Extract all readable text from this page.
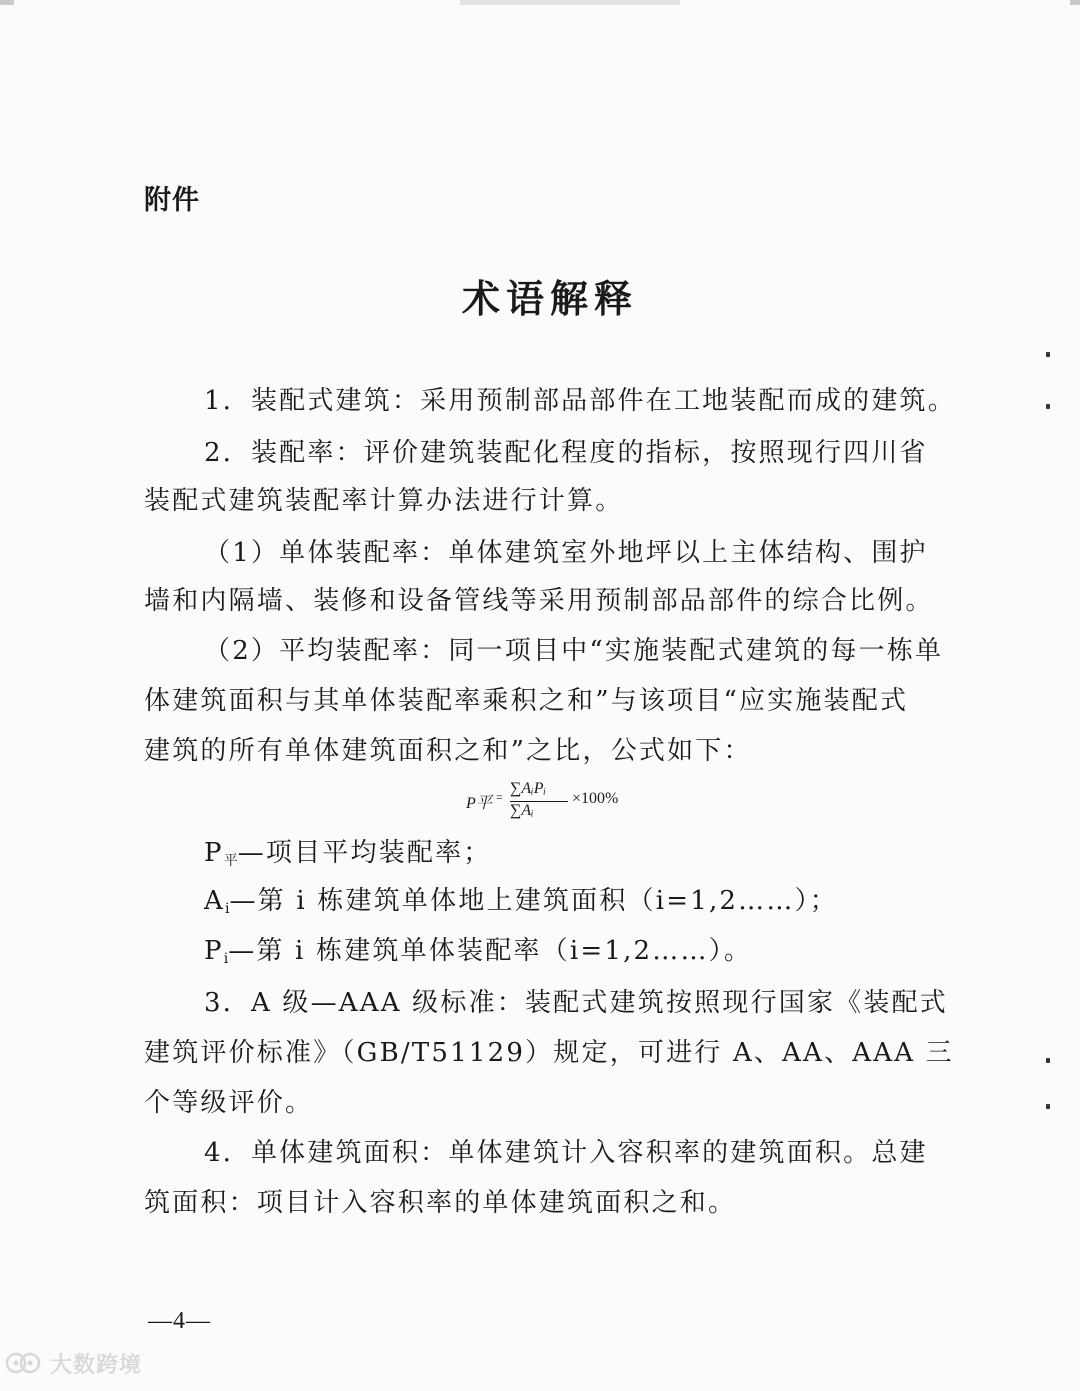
附件
术语解释
1．装配式建筑：采用预制部品部件在工地装配而成的建筑。
2．装配率：评价建筑装配化程度的指标，按照现行四川省
装配式建筑装配率计算办法进行计算。
（1）单体装配率：单体建筑室外地坪以上主体结构、围护
墙和内隔墙、装修和设备管线等采用预制部品部件的综合比例。
（2）平均装配率：同一项目中“实施装配式建筑的每一栋单
体建筑面积与其单体装配率乘积之和”与该项目“应实施装配式
建筑的所有单体建筑面积之和”之比，公式如下：
P平 = ∑AᵢPᵢ
∑Aᵢ
×100%
$P_平—$项目平均装配率；
$A_i—$第 i 栋建筑单体地上建筑面积（i=1,2……）；
$P_i—$第 i 栋建筑单体装配率（i=1,2……）。
3．A 级—AAA 级标准：装配式建筑按照现行国家《装配式
建筑评价标准》（GB/T51129）规定，可进行 A、AA、AAA 三
个等级评价。
4．单体建筑面积：单体建筑计入容积率的建筑面积。总建
筑面积：项目计入容积率的单体建筑面积之和。
—4—
大数跨境
